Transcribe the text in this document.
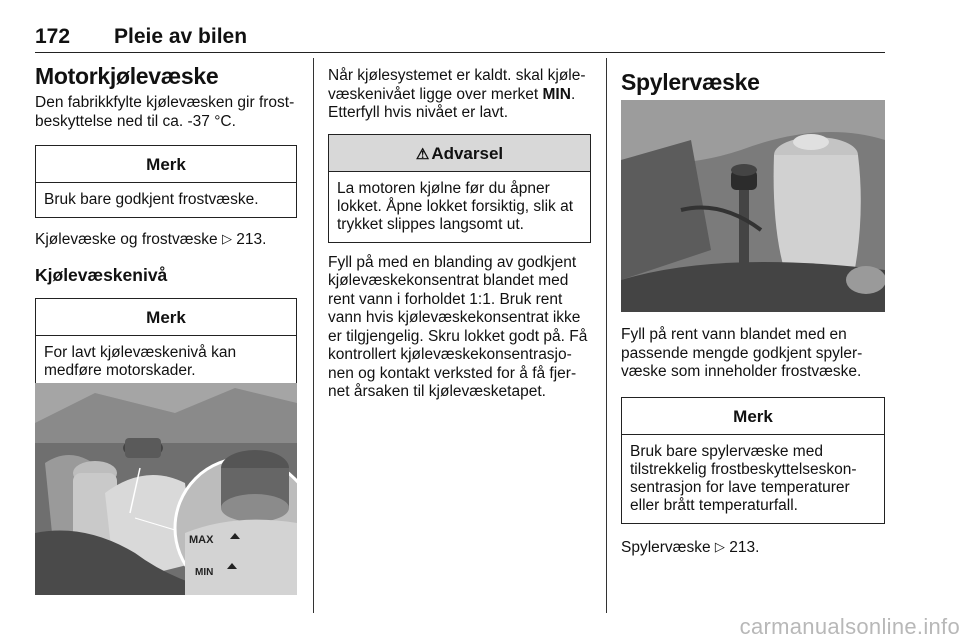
172 Pleie av bilen
Motorkjølevæske

Den fabrikkfylte kjølevæsken gir frostbeskyttelse ned til ca. -37 °C.

Merk
Bruk bare godkjent frostvæske.

Kjølevæske og frostvæske ▷ 213.

Kjølevæskenivå
Merk
For lavt kjølevæskenivå kan medføre motorskader.
MAX
MIN

Når kjølesystemet er kaldt. skal kjølevæskenivået ligge over merket MIN. Etterfyll hvis nivået er lavt.

⚠ Advarsel
La motoren kjølne før du åpner lokket. Åpne lokket forsiktig, slik at trykket slippes langsomt ut.

Fyll på med en blanding av godkjent kjølevæskekonsentrat blandet med rent vann i forholdet 1:1. Bruk rent vann hvis kjølevæskekonsentrat ikke er tilgjengelig. Skru lokket godt på. Få kontrollert kjølevæskekonsentrasjonen og kontakt verksted for å få fjernet årsaken til kjølevæsketapet.

Spylervæske

Fyll på rent vann blandet med en passende mengde godkjent spylervæske som inneholder frostvæske.

Merk
Bruk bare spylervæske med tilstrekkelig frostbeskyttelseskonsentrasjon for lave temperaturer eller brått temperaturfall.

Spylervæske ▷ 213.

carmanualsonline.info
